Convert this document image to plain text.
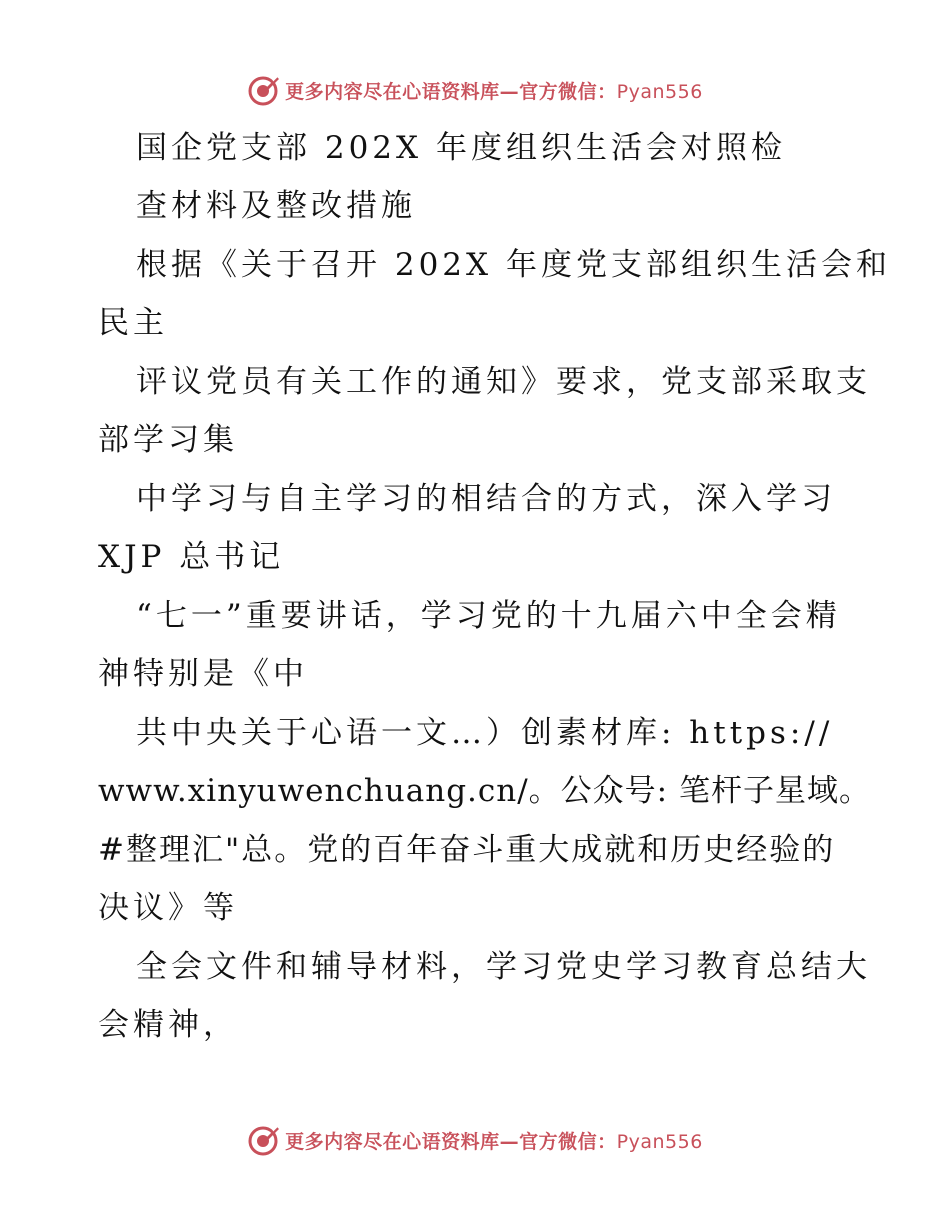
更多内容尽在心语资料库—官方微信：Pyan556
国企党支部 202X 年度组织生活会对照检
查材料及整改措施
根据《关于召开 202X 年度党支部组织生活会和
民主
评议党员有关工作的通知》要求，党支部采取支
部学习集
中学习与自主学习的相结合的方式，深入学习
XJP 总书记
“七一”重要讲话，学习党的十九届六中全会精
神特别是《中
共中央关于心语一文…）创素材库: https://
www.xinyuwenchuang.cn/。公众号: 笔杆子星域。
#整理汇"总。党的百年奋斗重大成就和历史经验的
决议》等
全会文件和辅导材料，学习党史学习教育总结大
会精神，
更多内容尽在心语资料库—官方微信：Pyan556
